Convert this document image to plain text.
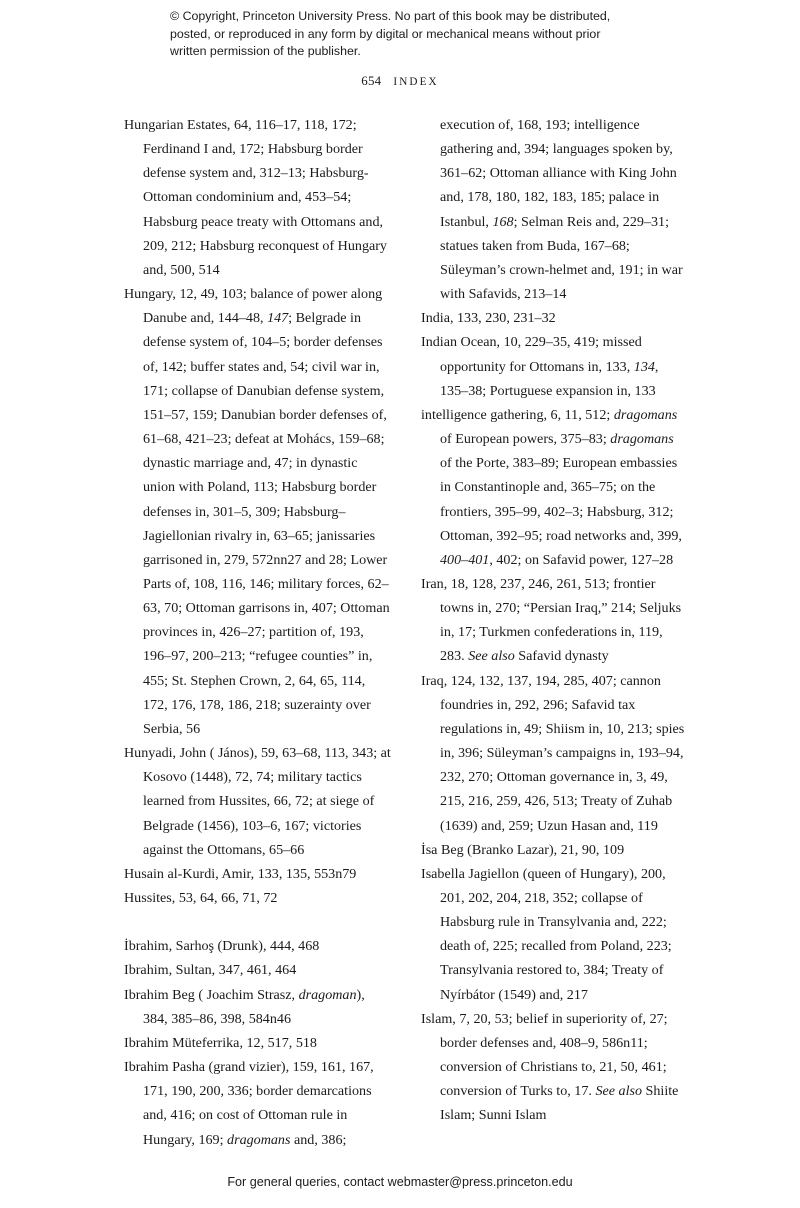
© Copyright, Princeton University Press. No part of this book may be distributed, posted, or reproduced in any form by digital or mechanical means without prior written permission of the publisher.
654 INDEX

Hungarian Estates, 64, 116–17, 118, 172; Ferdinand I and, 172; Habsburg border defense system and, 312–13; Habsburg-Ottoman condominium and, 453–54; Habsburg peace treaty with Ottomans and, 209, 212; Habsburg reconquest of Hungary and, 500, 514

Hungary, 12, 49, 103; balance of power along Danube and, 144–48, 147; Belgrade in defense system of, 104–5; border defenses of, 142; buffer states and, 54; civil war in, 171; collapse of Danubian defense system, 151–57, 159; Danubian border defenses of, 61–68, 421–23; defeat at Mohács, 159–68; dynastic marriage and, 47; in dynastic union with Poland, 113; Habsburg border defenses in, 301–5, 309; Habsburg–Jagiellonian rivalry in, 63–65; janissaries garrisoned in, 279, 572nn27 and 28; Lower Parts of, 108, 116, 146; military forces, 62–63, 70; Ottoman garrisons in, 407; Ottoman provinces in, 426–27; partition of, 193, 196–97, 200–213; “refugee counties” in, 455; St. Stephen Crown, 2, 64, 65, 114, 172, 176, 178, 186, 218; suzerainty over Serbia, 56

Hunyadi, John ( János), 59, 63–68, 113, 343; at Kosovo (1448), 72, 74; military tactics learned from Hussites, 66, 72; at siege of Belgrade (1456), 103–6, 167; victories against the Ottomans, 65–66

Husain al-Kurdi, Amir, 133, 135, 553n79

Hussites, 53, 64, 66, 71, 72

İbrahim, Sarhoş (Drunk), 444, 468

Ibrahim, Sultan, 347, 461, 464

Ibrahim Beg ( Joachim Strasz, dragoman), 384, 385–86, 398, 584n46

Ibrahim Müteferrika, 12, 517, 518

Ibrahim Pasha (grand vizier), 159, 161, 167, 171, 190, 200, 336; border demarcations and, 416; on cost of Ottoman rule in Hungary, 169; dragomans and, 386;

execution of, 168, 193; intelligence gathering and, 394; languages spoken by, 361–62; Ottoman alliance with King John and, 178, 180, 182, 183, 185; palace in Istanbul, 168; Selman Reis and, 229–31; statues taken from Buda, 167–68; Süleyman’s crown-helmet and, 191; in war with Safavids, 213–14

India, 133, 230, 231–32

Indian Ocean, 10, 229–35, 419; missed opportunity for Ottomans in, 133, 134, 135–38; Portuguese expansion in, 133

intelligence gathering, 6, 11, 512; dragomans of European powers, 375–83; dragomans of the Porte, 383–89; European embassies in Constantinople and, 365–75; on the frontiers, 395–99, 402–3; Habsburg, 312; Ottoman, 392–95; road networks and, 399, 400–401, 402; on Safavid power, 127–28

Iran, 18, 128, 237, 246, 261, 513; frontier towns in, 270; “Persian Iraq,” 214; Seljuks in, 17; Turkmen confederations in, 119, 283. See also Safavid dynasty

Iraq, 124, 132, 137, 194, 285, 407; cannon foundries in, 292, 296; Safavid tax regulations in, 49; Shiism in, 10, 213; spies in, 396; Süleyman’s campaigns in, 193–94, 232, 270; Ottoman governance in, 3, 49, 215, 216, 259, 426, 513; Treaty of Zuhab (1639) and, 259; Uzun Hasan and, 119

İsa Beg (Branko Lazar), 21, 90, 109

Isabella Jagiellon (queen of Hungary), 200, 201, 202, 204, 218, 352; collapse of Habsburg rule in Transylvania and, 222; death of, 225; recalled from Poland, 223; Transylvania restored to, 384; Treaty of Nyírbátor (1549) and, 217

Islam, 7, 20, 53; belief in superiority of, 27; border defenses and, 408–9, 586n11; conversion of Christians to, 21, 50, 461; conversion of Turks to, 17. See also Shiite Islam; Sunni Islam

For general queries, contact webmaster@press.princeton.edu
